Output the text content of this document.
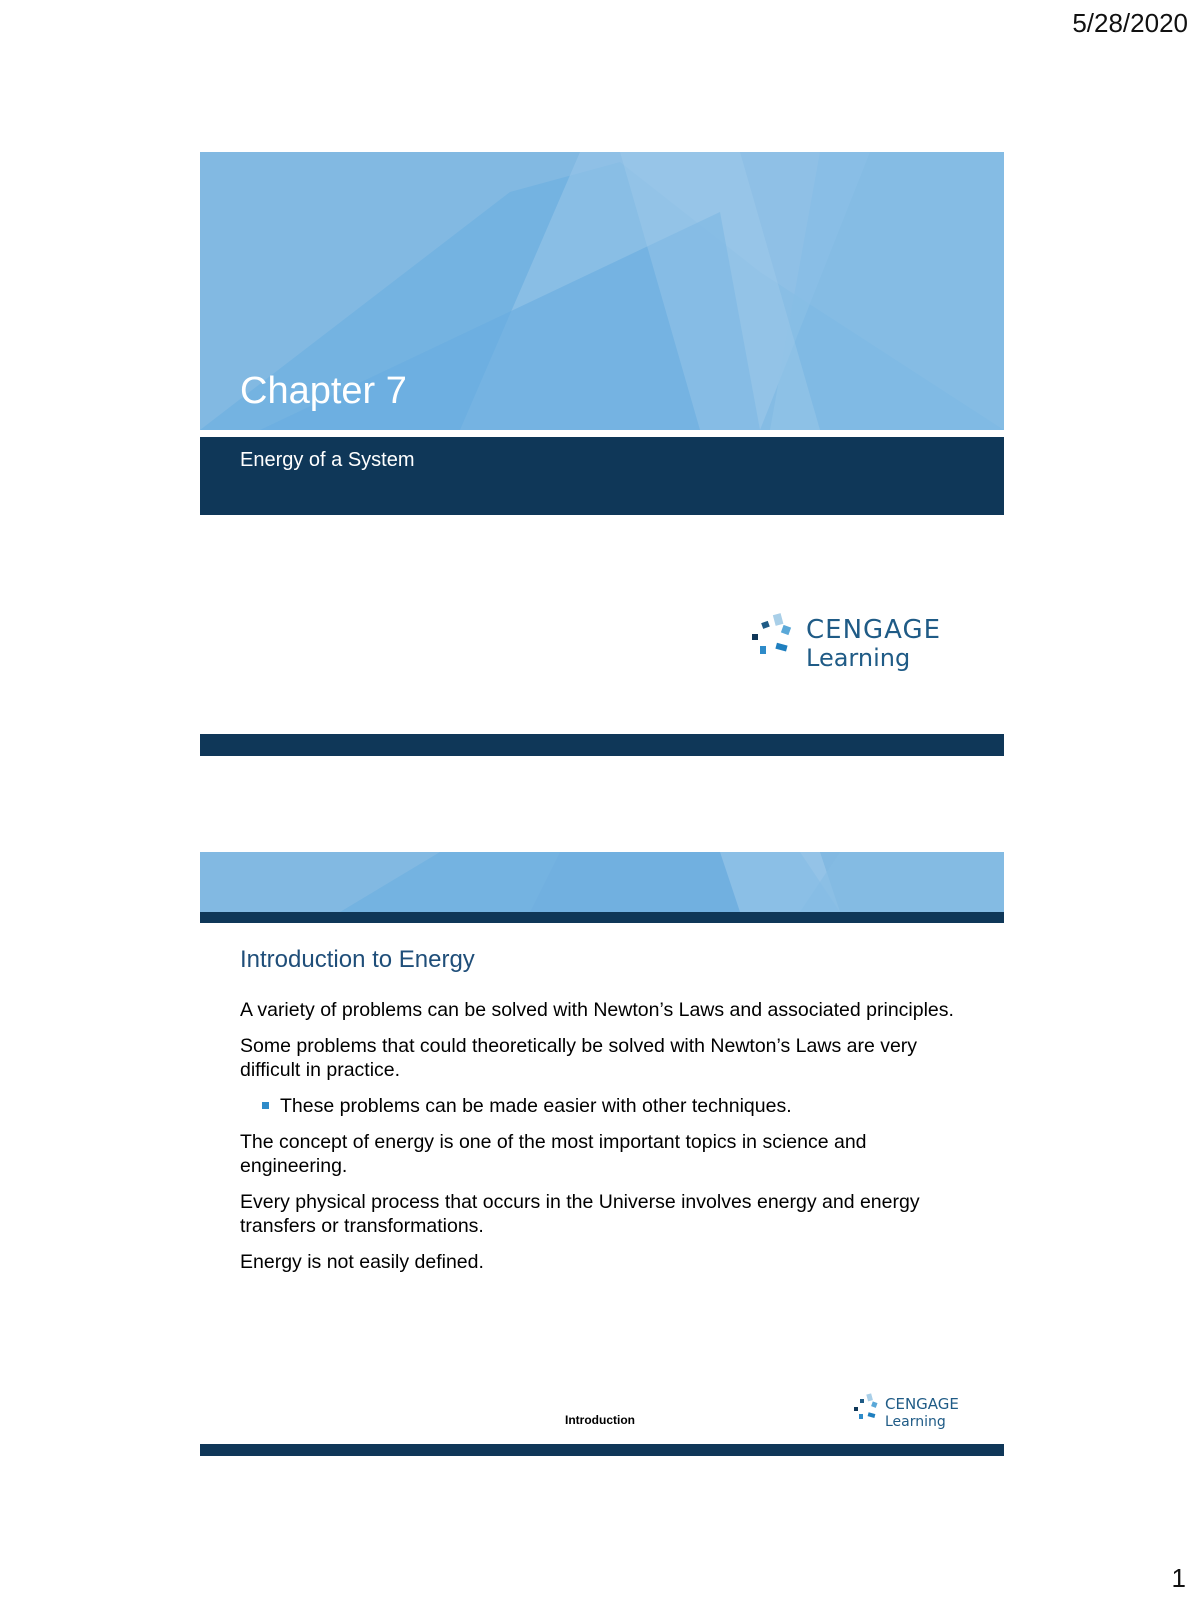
5/28/2020
Chapter 7
Energy of a System
CENGAGE
Learning
Introduction to Energy

A variety of problems can be solved with Newton’s Laws and associated principles.

Some problems that could theoretically be solved with Newton’s Laws are very difficult in practice.

These problems can be made easier with other techniques.

The concept of energy is one of the most important topics in science and engineering.

Every physical process that occurs in the Universe involves energy and energy transfers or transformations.

Energy is not easily defined.

Introduction
CENGAGE
Learning
1
